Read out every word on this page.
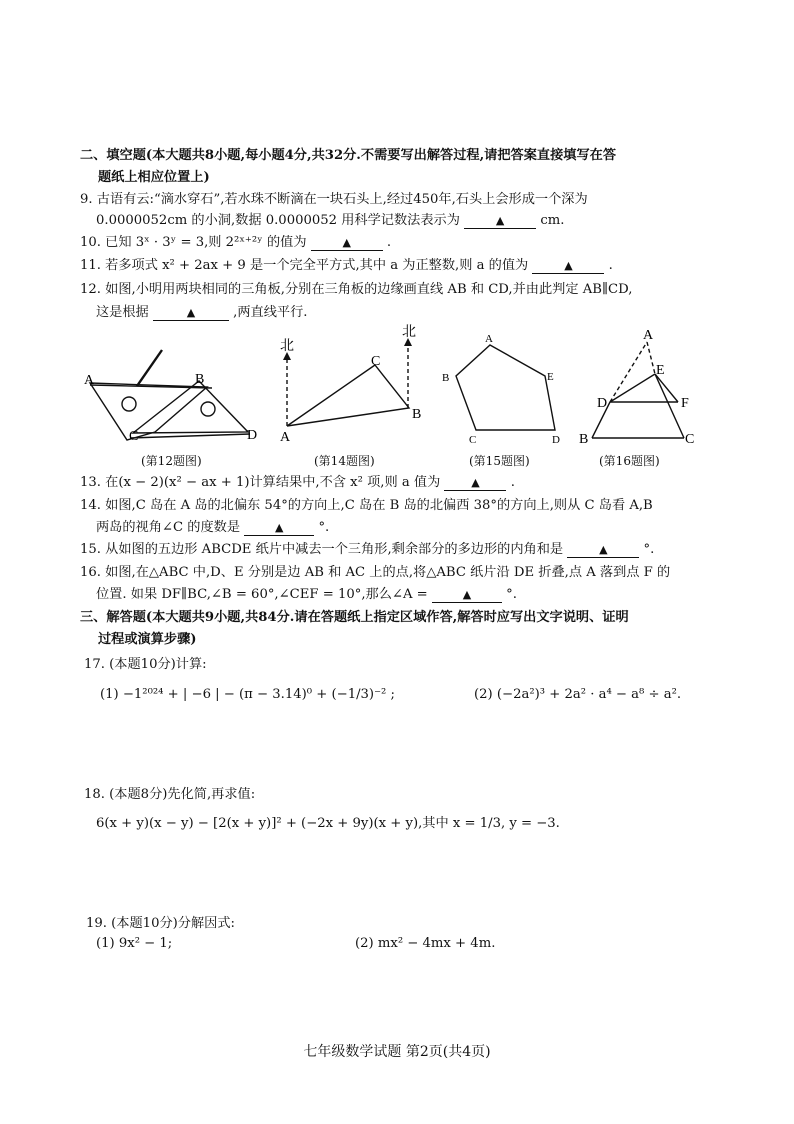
二、填空题(本大题共8小题,每小题4分,共32分.不需要写出解答过程,请把答案直接填写在答
题纸上相应位置上)
9. 古语有云:“滴水穿石”,若水珠不断滴在一块石头上,经过450年,石头上会形成一个深为
0.0000052cm 的小洞,数据 0.0000052 用科学记数法表示为	▲	cm.
10. 已知 3ˣ · 3ʸ = 3,则 2²ˣ⁺²ʸ 的值为	▲	.
11. 若多项式 x² + 2ax + 9 是一个完全平方式,其中 a 为正整数,则 a 的值为	▲	.
12. 如图,小明用两块相同的三角板,分别在三角板的边缘画直线 AB 和 CD,并由此判定 AB∥CD,
这是根据	▲	,两直线平行.
A	B
C	D
北
北
A
B
C
A
B
C	D
E
A
E
D	F
B	C
(第12题图)	(第14题图)	(第15题图)	(第16题图)
13. 在(x − 2)(x² − ax + 1)计算结果中,不含 x² 项,则 a 值为	▲ .
14. 如图,C 岛在 A 岛的北偏东 54°的方向上,C 岛在 B 岛的北偏西 38°的方向上,则从 C 岛看 A,B
两岛的视角∠C 的度数是	▲	°.
15. 从如图的五边形 ABCDE 纸片中减去一个三角形,剩余部分的多边形的内角和是	▲	°.
16. 如图,在△ABC 中,D、E 分别是边 AB 和 AC 上的点,将△ABC 纸片沿 DE 折叠,点 A 落到点 F 的
位置. 如果 DF∥BC,∠B = 60°,∠CEF = 10°,那么∠A =	▲	°.
三、解答题(本大题共9小题,共84分.请在答题纸上指定区域作答,解答时应写出文字说明、证明
过程或演算步骤)
17. (本题10分)计算:
(1) −1²⁰²⁴ + | −6 | − (π − 3.14)⁰ + (−1/3)⁻² ;	(2) (−2a²)³ + 2a² · a⁴ − a⁸ ÷ a².
18. (本题8分)先化简,再求值:
6(x + y)(x − y) − [2(x + y)]² + (−2x + 9y)(x + y),其中 x = 1/3, y = −3.
19. (本题10分)分解因式:
(1) 9x² − 1;	(2) mx² − 4mx + 4m.
七年级数学试题 第2页(共4页)
